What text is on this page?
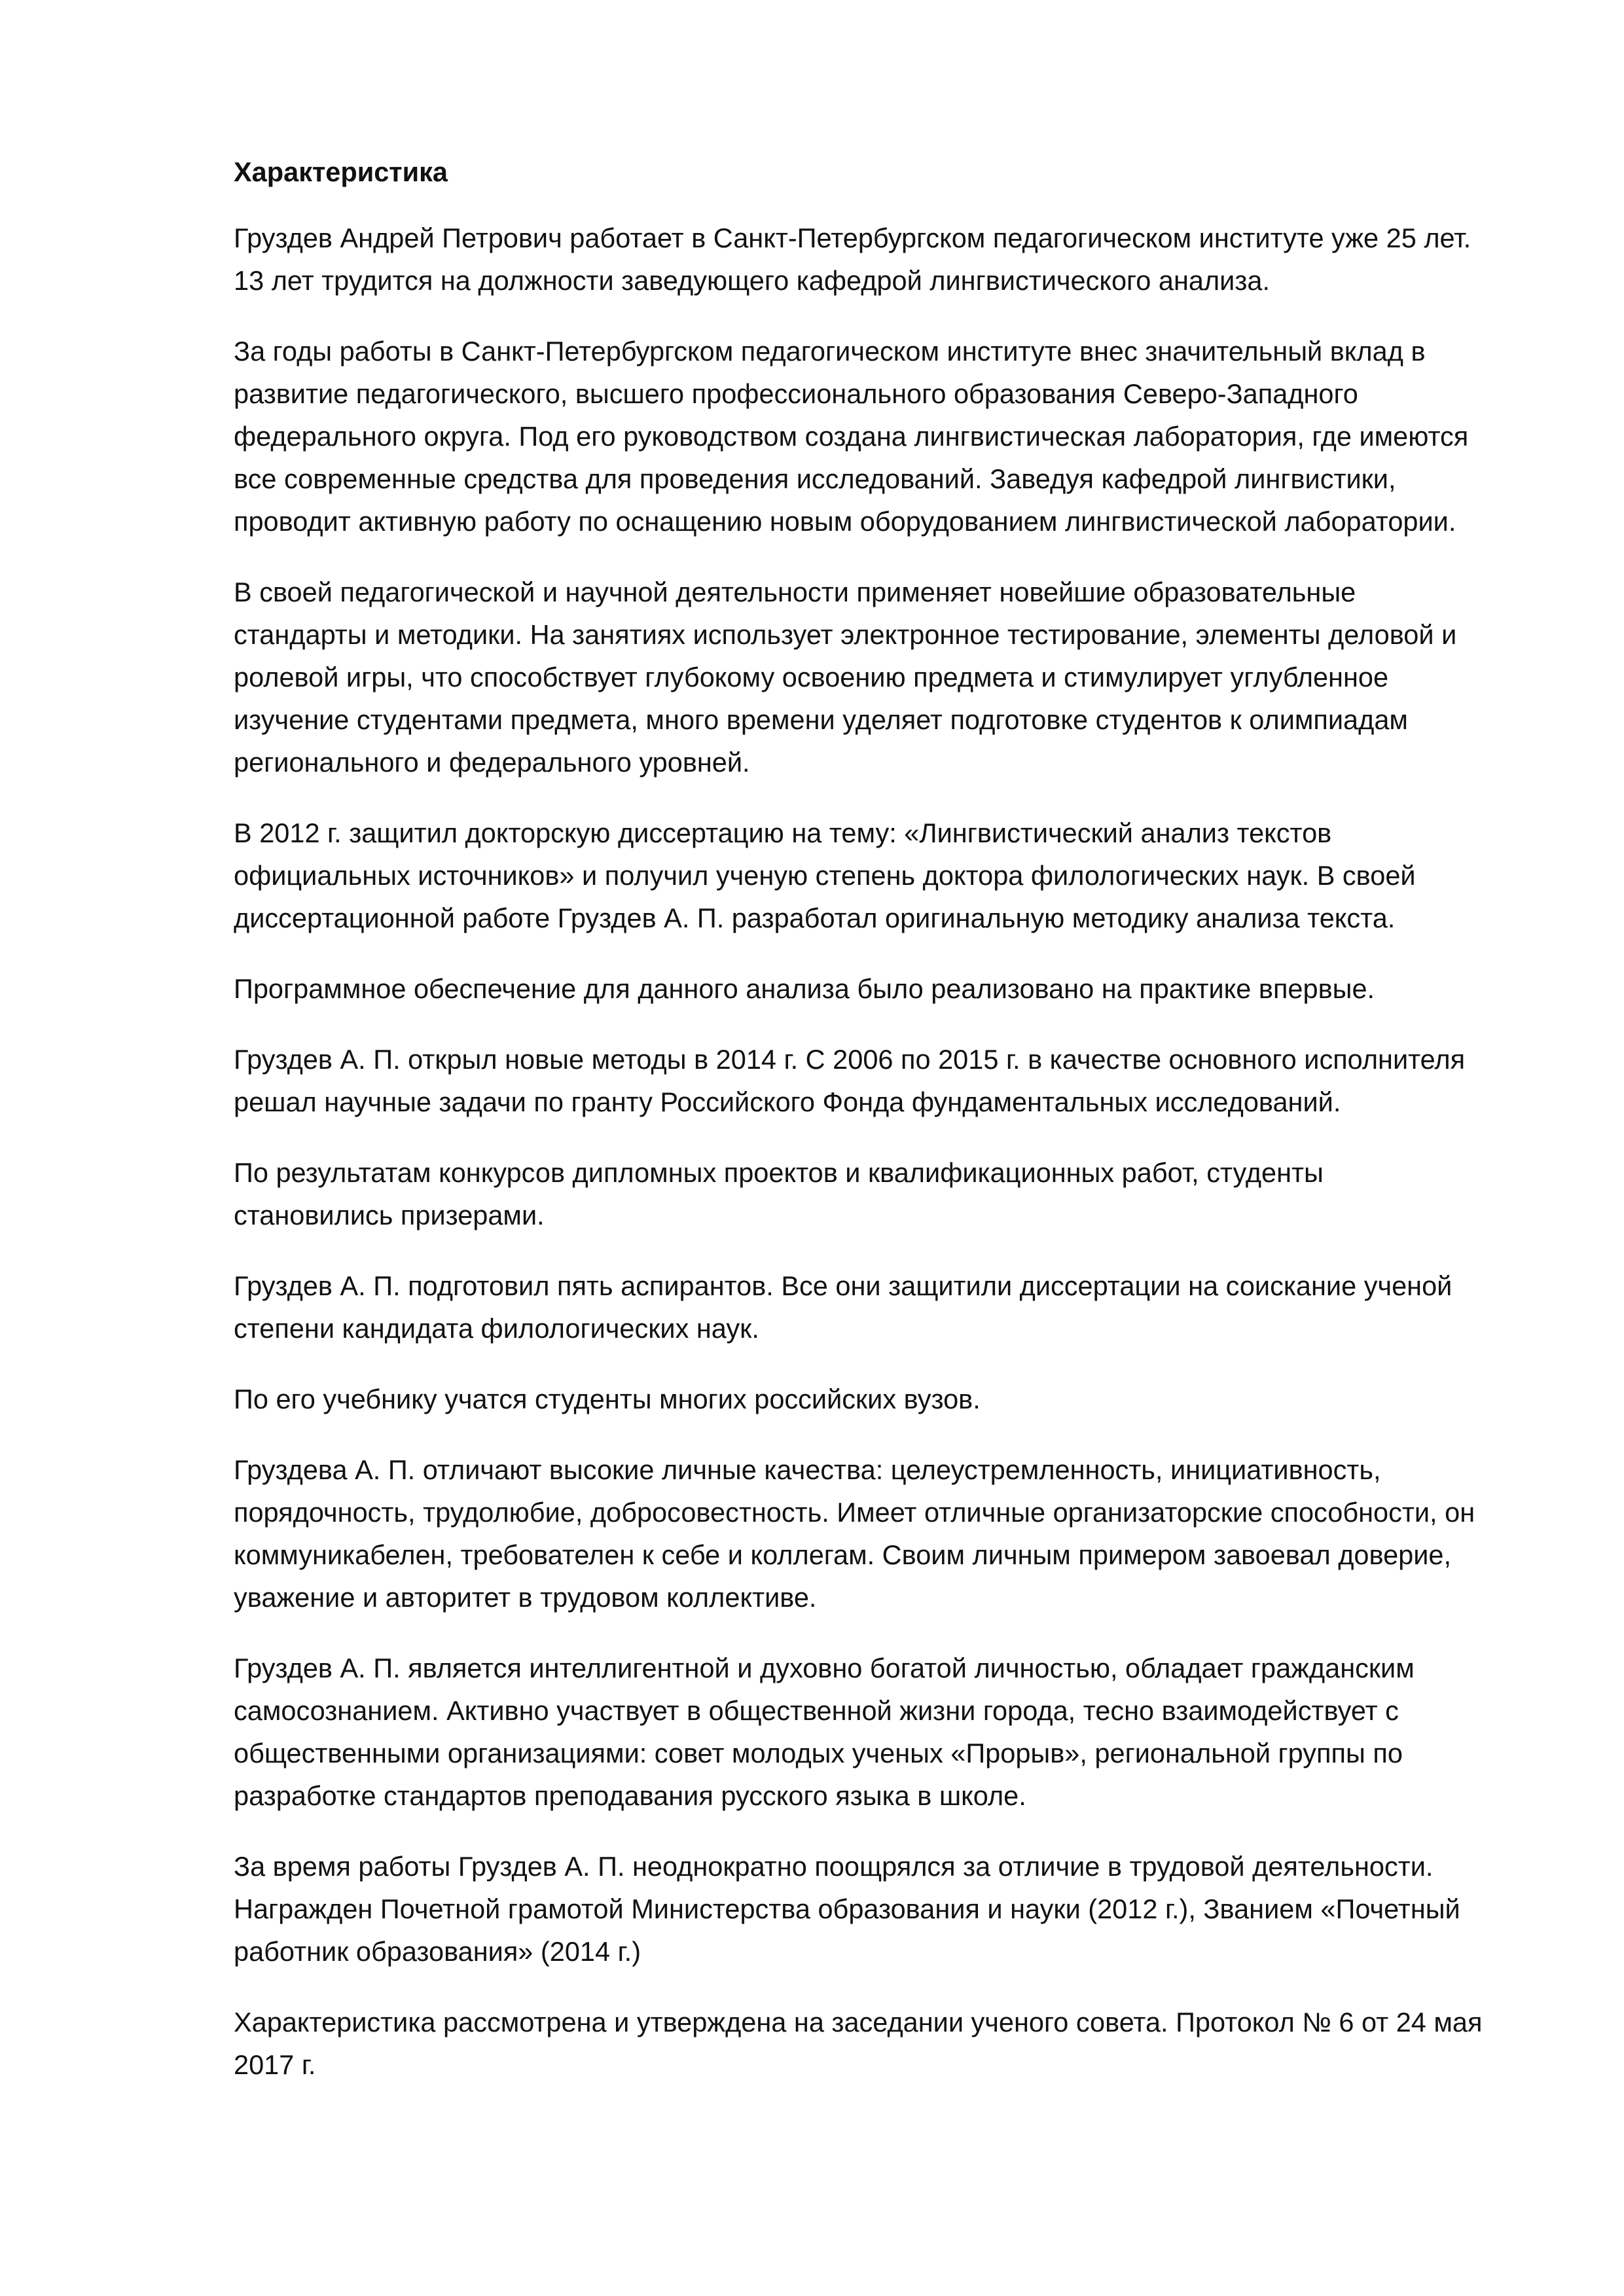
Характеристика
Груздев Андрей Петрович работает в Санкт-Петербургском педагогическом институте уже 25 лет.
13 лет трудится на должности заведующего кафедрой лингвистического анализа.
За годы работы в Санкт-Петербургском педагогическом институте внес значительный вклад в
развитие педагогического, высшего профессионального образования Северо-Западного
федерального округа. Под его руководством создана лингвистическая лаборатория, где имеются
все современные средства для проведения исследований. Заведуя кафедрой лингвистики,
проводит активную работу по оснащению новым оборудованием лингвистической лаборатории.
В своей педагогической и научной деятельности применяет новейшие образовательные
стандарты и методики. На занятиях использует электронное тестирование, элементы деловой и
ролевой игры, что способствует глубокому освоению предмета и стимулирует углубленное
изучение студентами предмета, много времени уделяет подготовке студентов к олимпиадам
регионального и федерального уровней.
В 2012 г. защитил докторскую диссертацию на тему: «Лингвистический анализ текстов
официальных источников» и получил ученую степень доктора филологических наук. В своей
диссертационной работе Груздев А. П. разработал оригинальную методику анализа текста.
Программное обеспечение для данного анализа было реализовано на практике впервые.
Груздев А. П. открыл новые методы в 2014 г. С 2006 по 2015 г. в качестве основного исполнителя
решал научные задачи по гранту Российского Фонда фундаментальных исследований.
По результатам конкурсов дипломных проектов и квалификационных работ, студенты
становились призерами.
Груздев А. П. подготовил пять аспирантов. Все они защитили диссертации на соискание ученой
степени кандидата филологических наук.
По его учебнику учатся студенты многих российских вузов.
Груздева А. П. отличают высокие личные качества: целеустремленность, инициативность,
порядочность, трудолюбие, добросовестность. Имеет отличные организаторские способности, он
коммуникабелен, требователен к себе и коллегам. Своим личным примером завоевал доверие,
уважение и авторитет в трудовом коллективе.
Груздев А. П. является интеллигентной и духовно богатой личностью, обладает гражданским
самосознанием. Активно участвует в общественной жизни города, тесно взаимодействует с
общественными организациями: совет молодых ученых «Прорыв», региональной группы по
разработке стандартов преподавания русского языка в школе.
За время работы Груздев А. П. неоднократно поощрялся за отличие в трудовой деятельности.
Награжден Почетной грамотой Министерства образования и науки (2012 г.), Званием «Почетный
работник образования» (2014 г.)
Характеристика рассмотрена и утверждена на заседании ученого совета. Протокол № 6 от 24 мая
2017 г.
